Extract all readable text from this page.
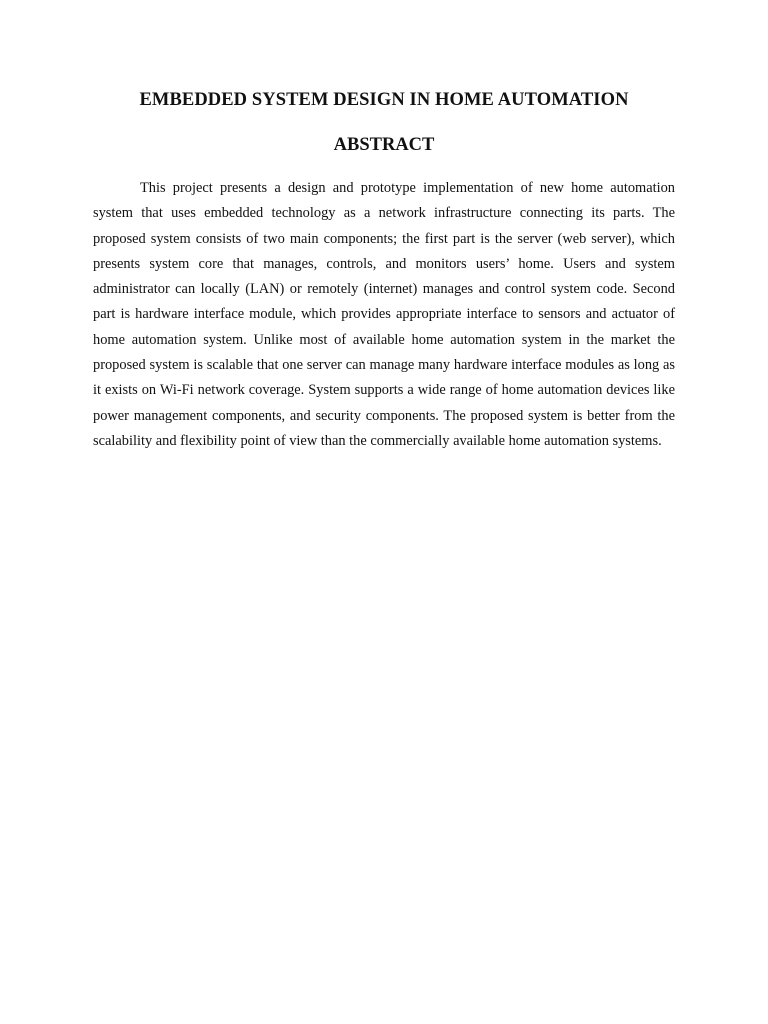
EMBEDDED SYSTEM DESIGN IN HOME AUTOMATION
ABSTRACT

This project presents a design and prototype implementation of new home automation system that uses embedded technology as a network infrastructure connecting its parts. The proposed system consists of two main components; the first part is the server (web server), which presents system core that manages, controls, and monitors users’ home. Users and system administrator can locally (LAN) or remotely (internet) manages and control system code. Second part is hardware interface module, which provides appropriate interface to sensors and actuator of home automation system. Unlike most of available home automation system in the market the proposed system is scalable that one server can manage many hardware interface modules as long as it exists on Wi-Fi network coverage. System supports a wide range of home automation devices like power management components, and security components. The proposed system is better from the scalability and flexibility point of view than the commercially available home automation systems.
